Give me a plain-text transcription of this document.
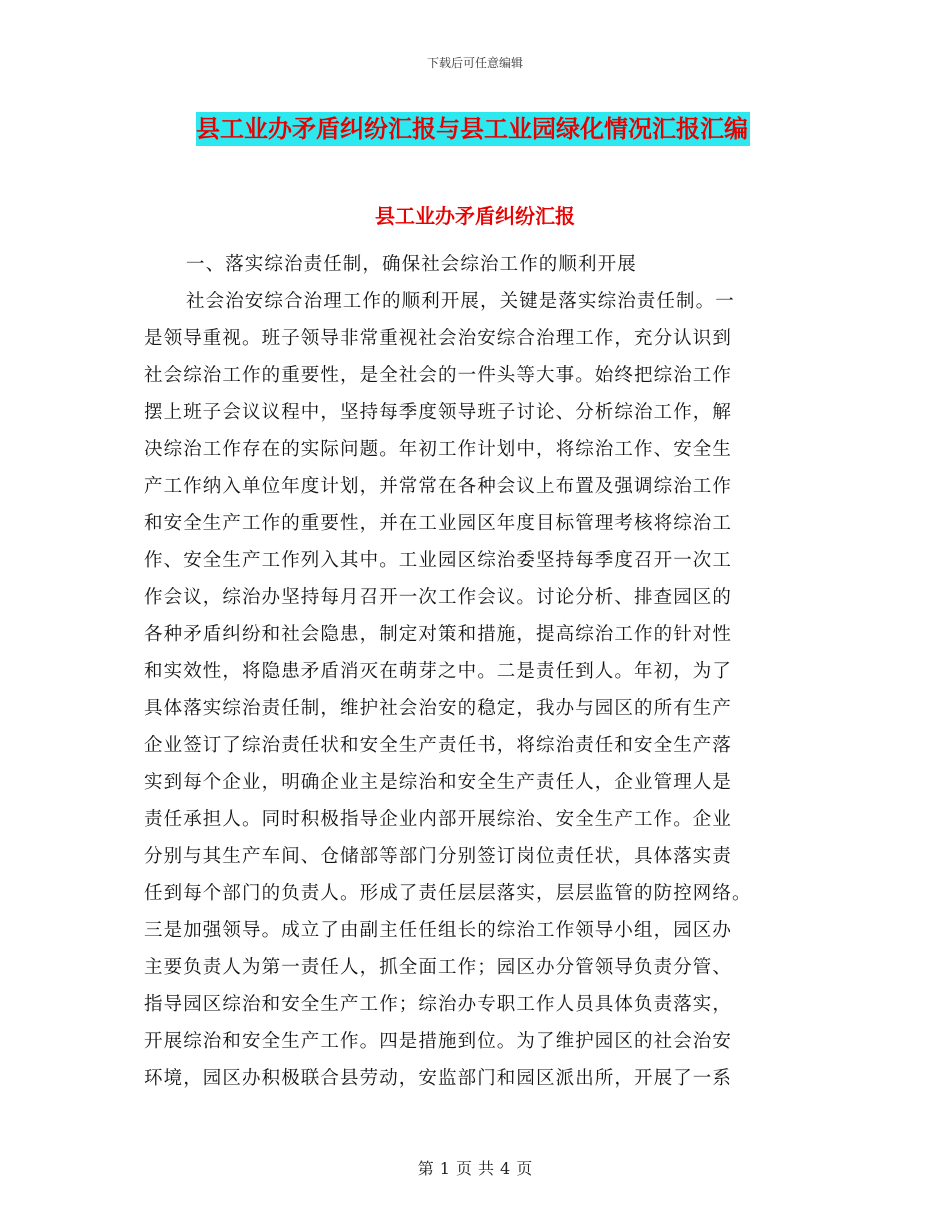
下载后可任意编辑
县工业办矛盾纠纷汇报与县工业园绿化情况汇报汇编
县工业办矛盾纠纷汇报
一、落实综治责任制，确保社会综治工作的顺利开展
社会治安综合治理工作的顺利开展，关键是落实综治责任制。一
是领导重视。班子领导非常重视社会治安综合治理工作，充分认识到
社会综治工作的重要性，是全社会的一件头等大事。始终把综治工作
摆上班子会议议程中，坚持每季度领导班子讨论、分析综治工作，解
决综治工作存在的实际问题。年初工作计划中，将综治工作、安全生
产工作纳入单位年度计划，并常常在各种会议上布置及强调综治工作
和安全生产工作的重要性，并在工业园区年度目标管理考核将综治工
作、安全生产工作列入其中。工业园区综治委坚持每季度召开一次工
作会议，综治办坚持每月召开一次工作会议。讨论分析、排查园区的
各种矛盾纠纷和社会隐患，制定对策和措施，提高综治工作的针对性
和实效性，将隐患矛盾消灭在萌芽之中。二是责任到人。年初，为了
具体落实综治责任制，维护社会治安的稳定，我办与园区的所有生产
企业签订了综治责任状和安全生产责任书，将综治责任和安全生产落
实到每个企业，明确企业主是综治和安全生产责任人，企业管理人是
责任承担人。同时积极指导企业内部开展综治、安全生产工作。企业
分别与其生产车间、仓储部等部门分别签订岗位责任状，具体落实责
任到每个部门的负责人。形成了责任层层落实，层层监管的防控网络。
三是加强领导。成立了由副主任任组长的综治工作领导小组，园区办
主要负责人为第一责任人，抓全面工作；园区办分管领导负责分管、
指导园区综治和安全生产工作；综治办专职工作人员具体负责落实，
开展综治和安全生产工作。四是措施到位。为了维护园区的社会治安
环境，园区办积极联合县劳动，安监部门和园区派出所，开展了一系
第 1 页 共 4 页
